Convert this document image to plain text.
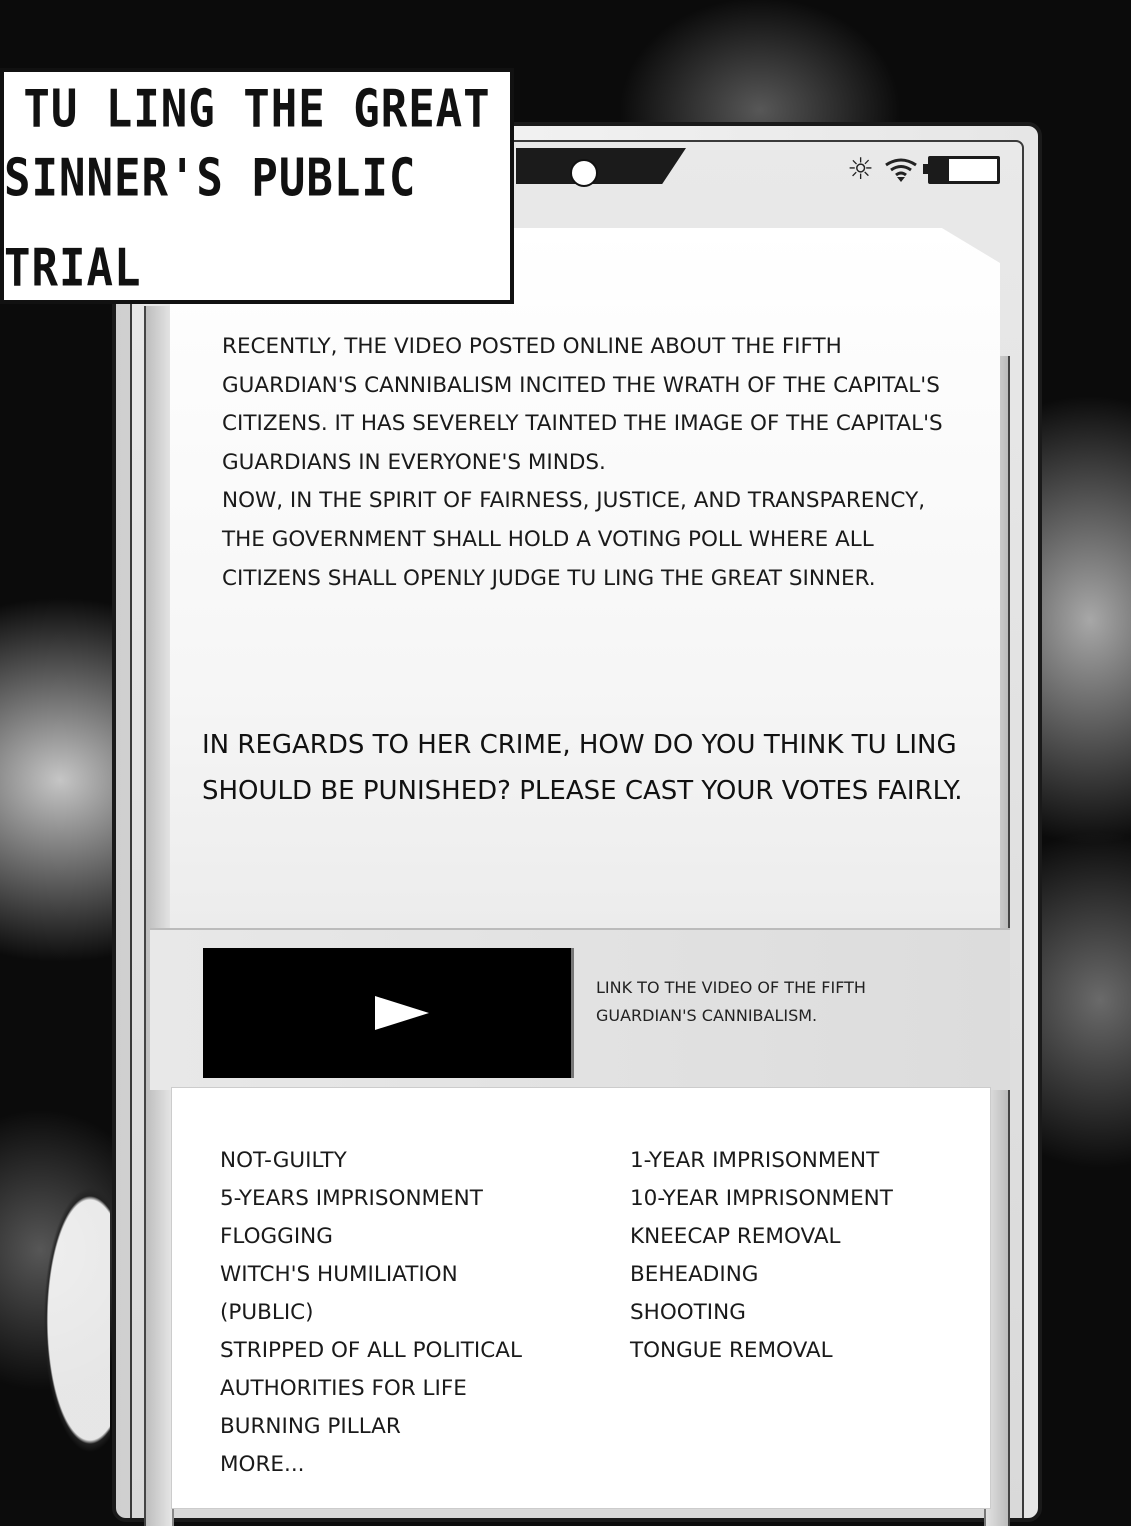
☼
TU LING THE GREAT
SINNER'S PUBLIC TRIAL
RECENTLY, THE VIDEO POSTED ONLINE ABOUT THE FIFTH
GUARDIAN'S CANNIBALISM INCITED THE WRATH OF THE CAPITAL'S
CITIZENS. IT HAS SEVERELY TAINTED THE IMAGE OF THE CAPITAL'S
GUARDIANS IN EVERYONE'S MINDS.
NOW, IN THE SPIRIT OF FAIRNESS, JUSTICE, AND TRANSPARENCY,
THE GOVERNMENT SHALL HOLD A VOTING POLL WHERE ALL
CITIZENS SHALL OPENLY JUDGE TU LING THE GREAT SINNER.
IN REGARDS TO HER CRIME, HOW DO YOU THINK TU LING
SHOULD BE PUNISHED? PLEASE CAST YOUR VOTES FAIRLY.
LINK TO THE VIDEO OF THE FIFTH
GUARDIAN'S CANNIBALISM.
NOT-GUILTY
5-YEARS IMPRISONMENT
FLOGGING
WITCH'S HUMILIATION
(PUBLIC)
STRIPPED OF ALL POLITICAL
AUTHORITIES FOR LIFE
BURNING PILLAR
MORE...
1-YEAR IMPRISONMENT
10-YEAR IMPRISONMENT
KNEECAP REMOVAL
BEHEADING
SHOOTING
TONGUE REMOVAL
